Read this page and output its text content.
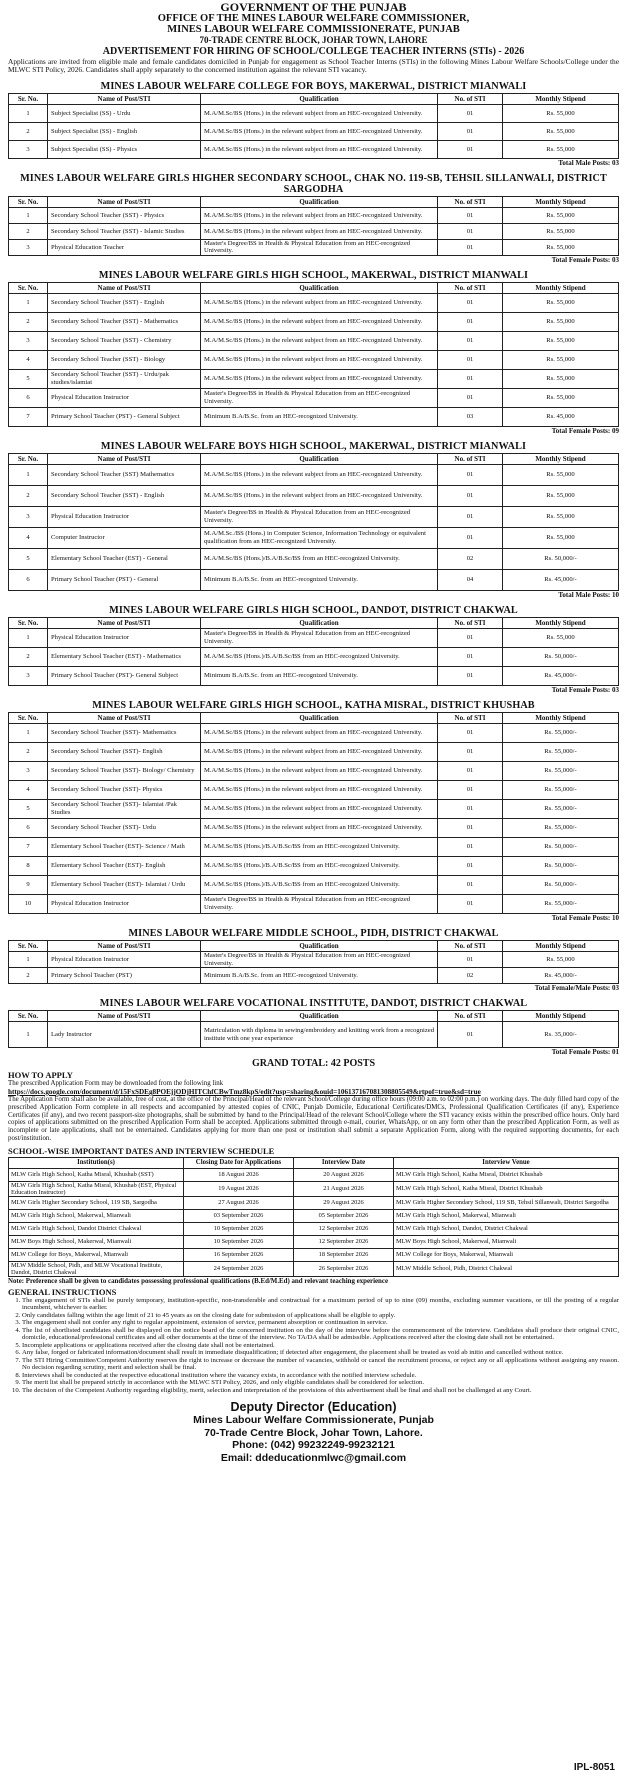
GOVERNMENT OF THE PUNJAB
OFFICE OF THE MINES LABOUR WELFARE COMMISSIONER,
MINES LABOUR WELFARE COMMISSIONERATE, PUNJAB
70-TRADE CENTRE BLOCK, JOHAR TOWN, LAHORE
ADVERTISEMENT FOR HIRING OF SCHOOL/COLLEGE TEACHER INTERNS (STIs) - 2026
Applications are invited from eligible male and female candidates domiciled in Punjab for engagement as School Teacher Interns (STIs) in the following Mines Labour Welfare Schools/College under the MLWC STI Policy, 2026. Candidates shall apply separately to the concerned institution against the relevant STI vacancy.
MINES LABOUR WELFARE COLLEGE FOR BOYS, MAKERWAL, DISTRICT MIANWALI
Sr. No.	Name of Post/STI	Qualification	No. of STI	Monthly Stipend
1	Subject Specialist (SS) - Urdu	M.A/M.Sc/BS (Hons.) in the relevant subject from an HEC-recognized University.	01	Rs. 55,000
2	Subject Specialist (SS) - English	M.A/M.Sc/BS (Hons.) in the relevant subject from an HEC-recognized University.	01	Rs. 55,000
3	Subject Specialist (SS) - Physics	M.A/M.Sc/BS (Hons.) in the relevant subject from an HEC-recognized University.	01	Rs. 55,000
Total Male Posts: 03
MINES LABOUR WELFARE GIRLS HIGHER SECONDARY SCHOOL, CHAK NO. 119-SB, TEHSIL SILLANWALI, DISTRICT SARGODHA
Sr. No.	Name of Post/STI	Qualification	No. of STI	Monthly Stipend
1	Secondary School Teacher (SST) - Physics	M.A/M.Sc/BS (Hons.) in the relevant subject from an HEC-recognized University.	01	Rs. 55,000
2	Secondary School Teacher (SST) - Islamic Studies	M.A/M.Sc/BS (Hons.) in the relevant subject from an HEC-recognized University.	01	Rs. 55,000
3	Physical Education Teacher	Master's Degree/BS in Health & Physical Education from an HEC-recognized University.	01	Rs. 55,000
Total Female Posts: 03
MINES LABOUR WELFARE GIRLS HIGH SCHOOL, MAKERWAL, DISTRICT MIANWALI
Sr. No.	Name of Post/STI	Qualification	No. of STI	Monthly Stipend
1	Secondary School Teacher (SST) - English	M.A/M.Sc/BS (Hons.) in the relevant subject from an HEC-recognized University.	01	Rs. 55,000
2	Secondary School Teacher (SST) - Mathematics	M.A/M.Sc/BS (Hons.) in the relevant subject from an HEC-recognized University.	01	Rs. 55,000
3	Secondary School Teacher (SST) - Chemistry	M.A/M.Sc/BS (Hons.) in the relevant subject from an HEC-recognized University.	01	Rs. 55,000
4	Secondary School Teacher (SST) - Biology	M.A/M.Sc/BS (Hons.) in the relevant subject from an HEC-recognized University.	01	Rs. 55,000
5	Secondary School Teacher (SST) - Urdu/pak studies/islamiat	M.A/M.Sc/BS (Hons.) in the relevant subject from an HEC-recognized University.	01	Rs. 55,000
6	Physical Education Instructor	Master's Degree/BS in Health & Physical Education from an HEC-recognized University.	01	Rs. 55,000
7	Primary School Teacher (PST) - General Subject	Minimum B.A/B.Sc. from an HEC-recognized University.	03	Rs. 45,000
Total Female Posts: 09
MINES LABOUR WELFARE BOYS HIGH SCHOOL, MAKERWAL, DISTRICT MIANWALI
Sr. No.	Name of Post/STI	Qualification	No. of STI	Monthly Stipend
1	Secondary School Teacher (SST) Mathematics	M.A/M.Sc/BS (Hons.) in the relevant subject from an HEC-recognized University.	01	Rs. 55,000
2	Secondary School Teacher (SST) - English	M.A/M.Sc/BS (Hons.) in the relevant subject from an HEC-recognized University.	01	Rs. 55,000
3	Physical Education Instructor	Master's Degree/BS in Health & Physical Education from an HEC-recognized University.	01	Rs. 55,000
4	Computer Instructor	M.A/M.Sc./BS (Hons.) in Computer Science, Information Technology or equivalent qualification from an HEC-recognized University.	01	Rs. 55,000
5	Elementary School Teacher (EST) - General	M.A/M.Sc/BS (Hons.)/B.A/B.Sc/BS from an HEC-recognized University.	02	Rs. 50,000/-
6	Primary School Teacher (PST) - General	Minimum B.A/B.Sc. from an HEC-recognized University.	04	Rs. 45,000/-
Total Male Posts: 10
MINES LABOUR WELFARE GIRLS HIGH SCHOOL, DANDOT, DISTRICT CHAKWAL
Sr. No.	Name of Post/STI	Qualification	No. of STI	Monthly Stipend
1	Physical Education Instructor	Master's Degree/BS in Health & Physical Education from an HEC-recognized University.	01	Rs. 55,000
2	Elementary School Teacher (EST) - Mathematics	M.A/M.Sc/BS (Hons.)/B.A/B.Sc/BS from an HEC-recognized University.	01	Rs. 50,000/-
3	Primary School Teacher (PST)- General Subject	Minimum B.A/B.Sc. from an HEC-recognized University.	01	Rs. 45,000/-
Total Female Posts: 03
MINES LABOUR WELFARE GIRLS HIGH SCHOOL, KATHA MISRAL, DISTRICT KHUSHAB
Sr. No.	Name of Post/STI	Qualification	No. of STI	Monthly Stipend
1	Secondary School Teacher (SST)- Mathematics	M.A/M.Sc/BS (Hons.) in the relevant subject from an HEC-recognized University.	01	Rs. 55,000/-
2	Secondary School Teacher (SST)- English	M.A/M.Sc/BS (Hons.) in the relevant subject from an HEC-recognized University.	01	Rs. 55,000/-
3	Secondary School Teacher (SST)- Biology/ Chemistry	M.A/M.Sc/BS (Hons.) in the relevant subject from an HEC-recognized University.	01	Rs. 55,000/-
4	Secondary School Teacher (SST)- Physics	M.A/M.Sc/BS (Hons.) in the relevant subject from an HEC-recognized University.	01	Rs. 55,000/-
5	Secondary School Teacher (SST)- Islamiat /Pak Studies	M.A/M.Sc/BS (Hons.) in the relevant subject from an HEC-recognized University.	01	Rs. 55,000/-
6	Secondary School Teacher (SST)- Urdu	M.A/M.Sc/BS (Hons.) in the relevant subject from an HEC-recognized University.	01	Rs. 55,000/-
7	Elementary School Teacher (EST)- Science / Math	M.A/M.Sc/BS (Hons.)/B.A/B.Sc/BS from an HEC-recognized University.	01	Rs. 50,000/-
8	Elementary School Teacher (EST)- English	M.A/M.Sc/BS (Hons.)/B.A/B.Sc/BS from an HEC-recognized University.	01	Rs. 50,000/-
9	Elementary School Teacher (EST)- Islamiat / Urdu	M.A/M.Sc/BS (Hons.)/B.A/B.Sc/BS from an HEC-recognized University.	01	Rs. 50,000/-
10	Physical Education Instructor	Master's Degree/BS in Health & Physical Education from an HEC-recognized University.	01	Rs. 55,000/-
Total Female Posts: 10
MINES LABOUR WELFARE MIDDLE SCHOOL, PIDH, DISTRICT CHAKWAL
Sr. No.	Name of Post/STI	Qualification	No. of STI	Monthly Stipend
1	Physical Education Instructor	Master's Degree/BS in Health & Physical Education from an HEC-recognized University.	01	Rs. 55,000
2	Primary School Teacher (PST)	Minimum B.A/B.Sc. from an HEC-recognized University.	02	Rs. 45,000/-
Total Female/Male Posts: 03
MINES LABOUR WELFARE VOCATIONAL INSTITUTE, DANDOT, DISTRICT CHAKWAL
Sr. No.	Name of Post/STI	Qualification	No. of STI	Monthly Stipend
1	Lady Instructor	Matriculation with diploma in sewing/embroidery and knitting work from a recognized institute with one year experience	01	Rs. 35,000/-
Total Female Posts: 01
GRAND TOTAL: 42 POSTS
HOW TO APPLY
The prescribed Application Form may be downloaded from the following link
https://docs.google.com/document/d/15FxSDEg8POEjjODjHITChfCBwTmz8kpS/edit?usp=sharing&ouid=106137167081308805549&rtpof=true&sd=true
The Application Form shall also be available, free of cost, at the office of the Principal/Head of the relevant School/College during office hours (09:00 a.m. to 02:00 p.m.) on working days. The duly filled hard copy of the prescribed Application Form complete in all respects and accompanied by attested copies of CNIC, Punjab Domicile, Educational Certificates/DMCs, Professional Qualification Certificates (if any), Experience Certificates (if any), and two recent passport-size photographs, shall be submitted by hand to the Principal/Head of the relevant School/College where the STI vacancy exists within the prescribed office hours. Only hard copies of applications submitted on the prescribed Application Form shall be accepted. Applications submitted through e-mail, courier, WhatsApp, or on any form other than the prescribed Application Form, as well as incomplete or late applications, shall not be entertained. Candidates applying for more than one post or institution shall submit a separate Application Form, along with the required supporting documents, for each post/institution.
SCHOOL-WISE IMPORTANT DATES AND INTERVIEW SCHEDULE
Institution(s)	Closing Date for Applications	Interview Date	Interview Venue
MLW Girls High School, Katha Misral, Khushab (SST)	18 August 2026	20 August 2026	MLW Girls High School, Katha Misral, District Khushab
MLW Girls High School, Katha Misral, Khushab (EST, Physical Education Instructor)	19 August 2026	21 August 2026	MLW Girls High School, Katha Misral, District Khushab
MLW Girls Higher Secondary School, 119 SB, Sargodha	27 August 2026	29 August 2026	MLW Girls Higher Secondary School, 119 SB, Tehsil Sillanwali, District Sargodha
MLW Girls High School, Makerwal, Mianwali	03 September 2026	05 September 2026	MLW Girls High School, Makerwal, Mianwali
MLW Girls High School, Dandot District Chakwal	10 September 2026	12 September 2026	MLW Girls High School, Dandot, District Chakwal
MLW Boys High School, Makerwal, Mianwali	10 September 2026	12 September 2026	MLW Boys High School, Makerwal, Mianwali
MLW College for Boys, Makerwal, Mianwali	16 September 2026	18 September 2026	MLW College for Boys, Makerwal, Mianwali
MLW Middle School, Pidh, and MLW Vocational Institute, Dandot, District Chakwal	24 September 2026	26 September 2026	MLW Middle School, Pidh, District Chakwal
Note: Preference shall be given to candidates possessing professional qualifications (B.Ed/M.Ed) and relevant teaching experience
GENERAL INSTRUCTIONS
1. The engagement of STIs shall be purely temporary, institution-specific, non-transferable and contractual for a maximum period of up to nine (09) months, excluding summer vacations, or till the posting of a regular incumbent, whichever is earlier.
2. Only candidates falling within the age limit of 21 to 45 years as on the closing date for submission of applications shall be eligible to apply.
3. The engagement shall not confer any right to regular appointment, extension of service, permanent absorption or continuation in service.
4. The list of shortlisted candidates shall be displayed on the notice board of the concerned institution on the day of the interview before the commencement of the interview. Candidates shall produce their original CNIC, domicile, educational/professional certificates and all other documents at the time of the interview. No TA/DA shall be admissible. Applications received after the closing date shall not be entertained.
5. Incomplete applications or applications received after the closing date shall not be entertained.
6. Any false, forged or fabricated information/document shall result in immediate disqualification; if detected after engagement, the placement shall be treated as void ab initio and cancelled without notice.
7. The STI Hiring Committee/Competent Authority reserves the right to increase or decrease the number of vacancies, withhold or cancel the recruitment process, or reject any or all applications without assigning any reason. No decision regarding scrutiny, merit and selection shall be final.
8. Interviews shall be conducted at the respective educational institution where the vacancy exists, in accordance with the notified interview schedule.
9. The merit list shall be prepared strictly in accordance with the MLWC STI Policy, 2026, and only eligible candidates shall be considered for selection.
10. The decision of the Competent Authority regarding eligibility, merit, selection and interpretation of the provisions of this advertisement shall be final and shall not be challenged at any Court.
Deputy Director (Education)
Mines Labour Welfare Commissionerate, Punjab
70-Trade Centre Block, Johar Town, Lahore.
Phone: (042) 99232249-99232121
Email: ddeducationmlwc@gmail.com
IPL-8051
